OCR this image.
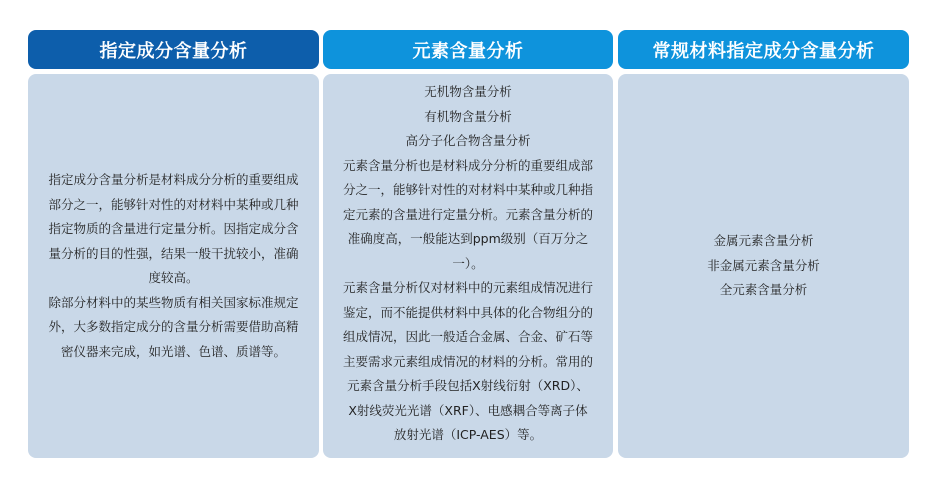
指定成分含量分析

指定成分含量分析是材料成分分析的重要组成
部分之一，能够针对性的对材料中某种或几种
指定物质的含量进行定量分析。因指定成分含
量分析的目的性强，结果一般干扰较小，准确
度较高。
除部分材料中的某些物质有相关国家标准规定
外，大多数指定成分的含量分析需要借助高精
密仪器来完成，如光谱、色谱、质谱等。

元素含量分析

无机物含量分析
有机物含量分析
高分子化合物含量分析
元素含量分析也是材料成分分析的重要组成部
分之一，能够针对性的对材料中某种或几种指
定元素的含量进行定量分析。元素含量分析的
准确度高，一般能达到ppm级别（百万分之
一）。
元素含量分析仅对材料中的元素组成情况进行
鉴定，而不能提供材料中具体的化合物组分的
组成情况，因此一般适合金属、合金、矿石等
主要需求元素组成情况的材料的分析。常用的
元素含量分析手段包括X射线衍射（XRD）、
X射线荧光光谱（XRF）、电感耦合等离子体
放射光谱（ICP-AES）等。

常规材料指定成分含量分析

金属元素含量分析
非金属元素含量分析
全元素含量分析
